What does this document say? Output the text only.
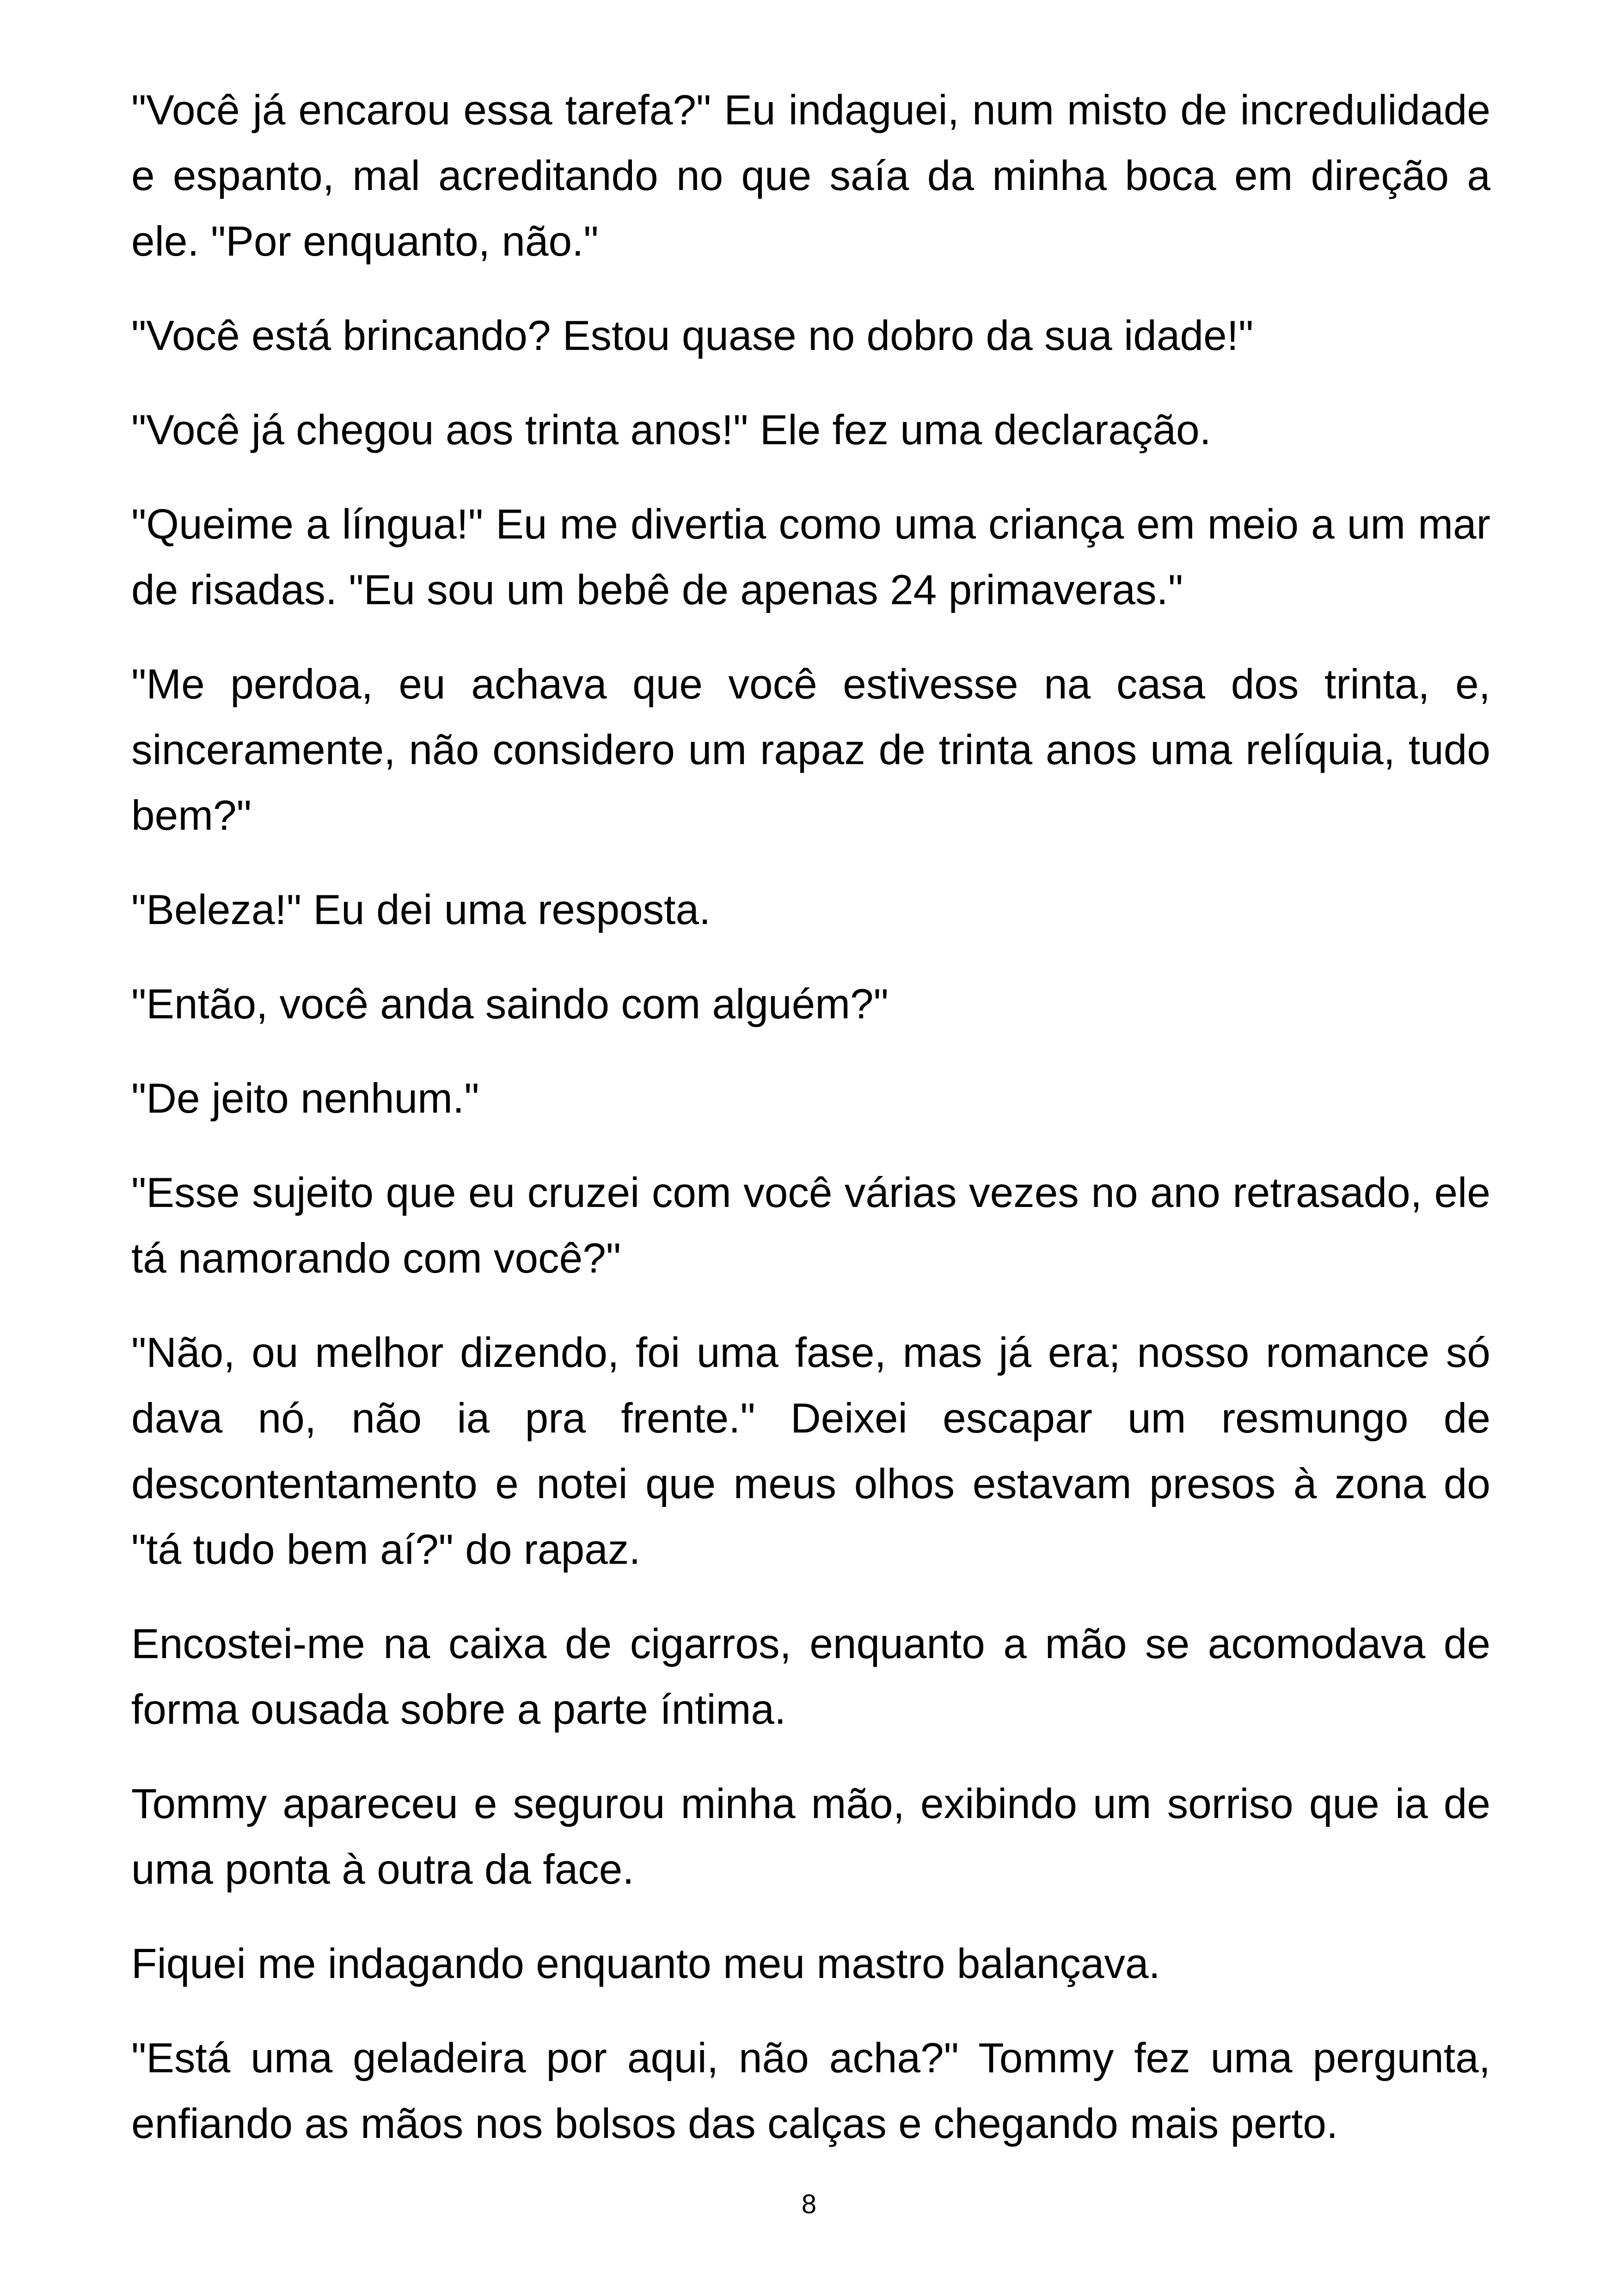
"Você já encarou essa tarefa?" Eu indaguei, num misto de incredulidade e espanto, mal acreditando no que saía da minha boca em direção a ele. "Por enquanto, não."

"Você está brincando? Estou quase no dobro da sua idade!"

"Você já chegou aos trinta anos!" Ele fez uma declaração.

"Queime a língua!" Eu me divertia como uma criança em meio a um mar de risadas. "Eu sou um bebê de apenas 24 primaveras."

"Me perdoa, eu achava que você estivesse na casa dos trinta, e, sinceramente, não considero um rapaz de trinta anos uma relíquia, tudo bem?"

"Beleza!" Eu dei uma resposta.

"Então, você anda saindo com alguém?"

"De jeito nenhum."

"Esse sujeito que eu cruzei com você várias vezes no ano retrasado, ele tá namorando com você?"

"Não, ou melhor dizendo, foi uma fase, mas já era; nosso romance só dava nó, não ia pra frente." Deixei escapar um resmungo de descontentamento e notei que meus olhos estavam presos à zona do "tá tudo bem aí?" do rapaz.

Encostei-me na caixa de cigarros, enquanto a mão se acomodava de forma ousada sobre a parte íntima.

Tommy apareceu e segurou minha mão, exibindo um sorriso que ia de uma ponta à outra da face.

Fiquei me indagando enquanto meu mastro balançava.

"Está uma geladeira por aqui, não acha?" Tommy fez uma pergunta, enfiando as mãos nos bolsos das calças e chegando mais perto.

8
